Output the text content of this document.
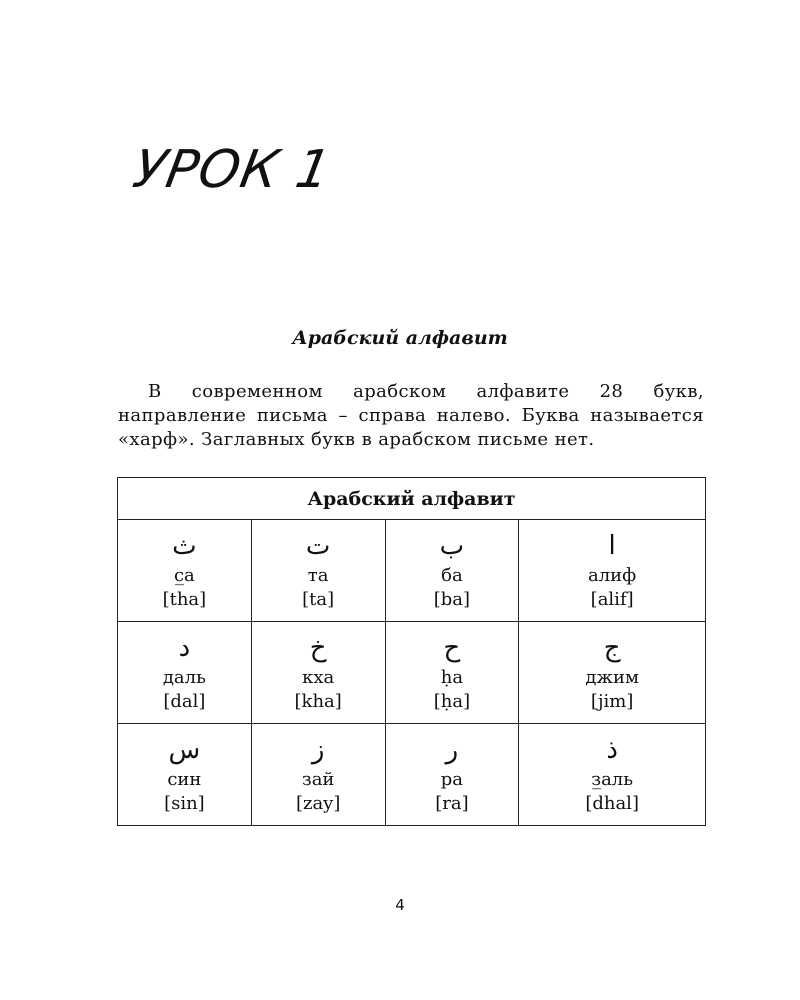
УРОК 1
Арабский алфавит

В современном арабском алфавите 28 букв, направление письма – справа налево. Буква называется «харф». Заглавных букв в арабском письме нет.

Арабский алфавит			

ث
с̲а
[tha]	ت
та
[ta]	ب
ба
[ba]	ا
алиф
[alif]

د
даль
[dal]	خ
кха
[kha]	ح
ḥа
[ḥa]	ج
джим
[jim]

س
син
[sin]	ز
зай
[zay]	ر
ра
[ra]	ذ
з̲аль
[dhal]
4
